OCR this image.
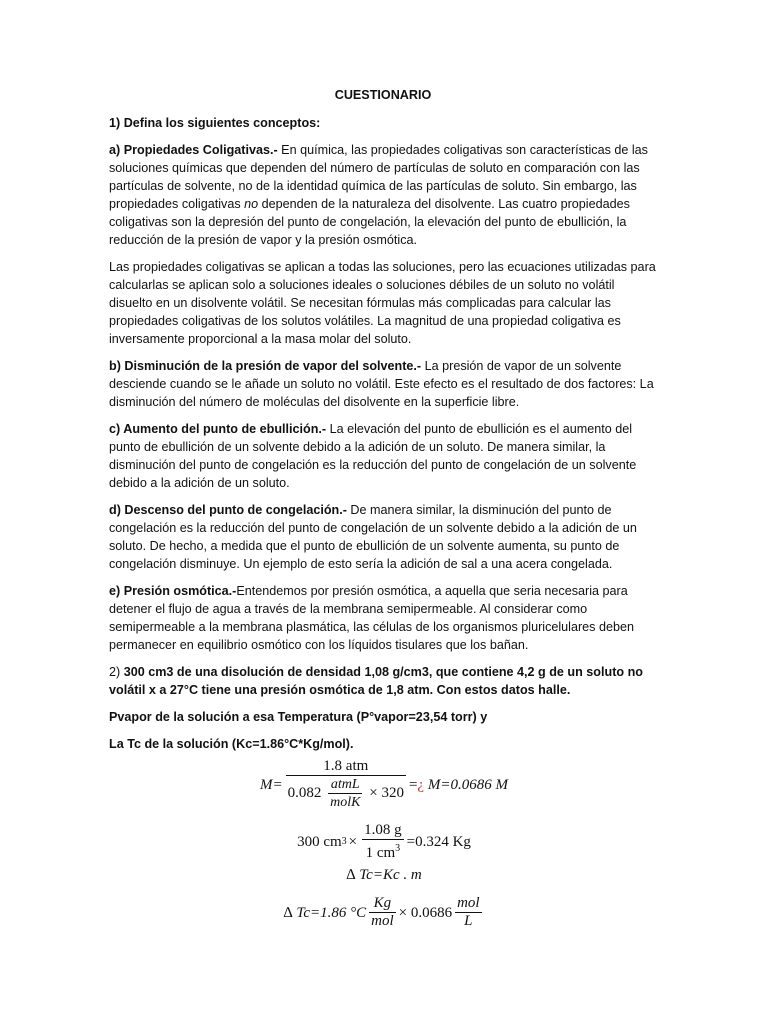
CUESTIONARIO

1) Defina los siguientes conceptos:

a) Propiedades Coligativas.- En química, las propiedades coligativas son características de las soluciones químicas que dependen del número de partículas de soluto en comparación con las partículas de solvente, no de la identidad química de las partículas de soluto. Sin embargo, las propiedades coligativas no dependen de la naturaleza del disolvente. Las cuatro propiedades coligativas son la depresión del punto de congelación, la elevación del punto de ebullición, la reducción de la presión de vapor y la presión osmótica.

Las propiedades coligativas se aplican a todas las soluciones, pero las ecuaciones utilizadas para calcularlas se aplican solo a soluciones ideales o soluciones débiles de un soluto no volátil disuelto en un disolvente volátil. Se necesitan fórmulas más complicadas para calcular las propiedades coligativas de los solutos volátiles. La magnitud de una propiedad coligativa es inversamente proporcional a la masa molar del soluto.

b) Disminución de la presión de vapor del solvente.- La presión de vapor de un solvente desciende cuando se le añade un soluto no volátil. Este efecto es el resultado de dos factores: La disminución del número de moléculas del disolvente en la superficie libre.

c) Aumento del punto de ebullición.- La elevación del punto de ebullición es el aumento del punto de ebullición de un solvente debido a la adición de un soluto. De manera similar, la disminución del punto de congelación es la reducción del punto de congelación de un solvente debido a la adición de un soluto.

d) Descenso del punto de congelación.- De manera similar, la disminución del punto de congelación es la reducción del punto de congelación de un solvente debido a la adición de un soluto. De hecho, a medida que el punto de ebullición de un solvente aumenta, su punto de congelación disminuye. Un ejemplo de esto sería la adición de sal a una acera congelada.

e) Presión osmótica.-Entendemos por presión osmótica, a aquella que seria necesaria para detener el flujo de agua a través de la membrana semipermeable. Al considerar como semipermeable a la membrana plasmática, las células de los organismos pluricelulares deben permanecer en equilibrio osmótico con los líquidos tisulares que los bañan.

2) 300 cm3 de una disolución de densidad 1,08 g/cm3, que contiene 4,2 g de un soluto no volátil x a 27°C tiene una presión osmótica de 1,8 atm. Con estos datos halle.

Pvapor de la solución a esa Temperatura (P°vapor=23,54 torr) y

La Tc de la solución (Kc=1.86°C*Kg/mol).

M=
1.8 atm
$0.082 \frac{\text{atmL}}{\text{molK}} \times 320$
= ¿
M=0.0686 M
300 cm $3 \times \frac{1.08 g}{1 cm^3} =0.324$ Kg
∆ Tc=Kc . m
∆ Tc=1.86 $^\circ C \frac{Kg}{\text{mol}} \times 0.0686 \frac{\text{mol}}{L}$
